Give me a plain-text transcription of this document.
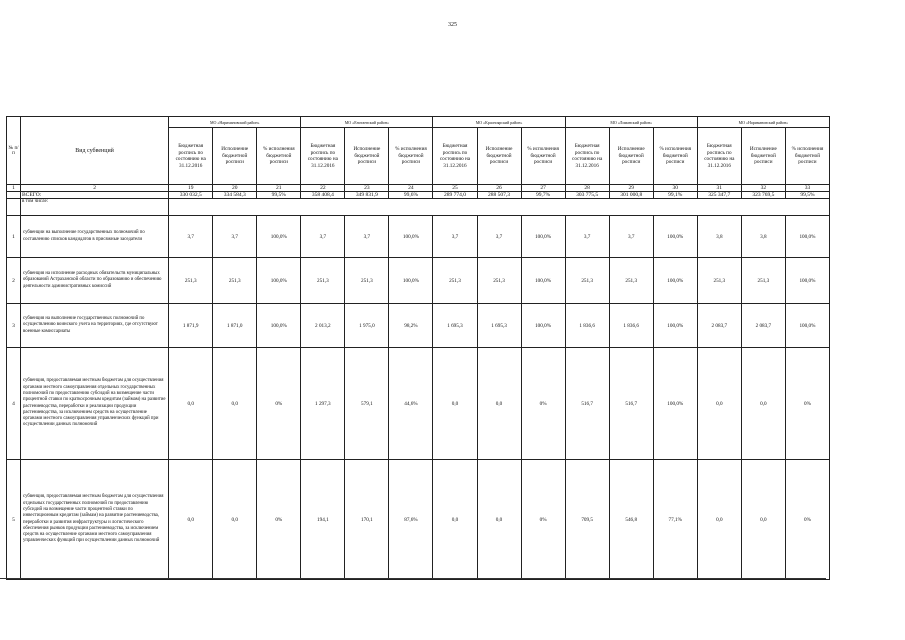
325
№ п/п	Вид субвенций	МО «Наримановский район»			МО «Енотаевский район»			МО «Красноярский район»			МО «Лиманский район»			МО «Наримановский район»		
		Бюджетная роспись по состоянию на 31.12.2016	Исполнение бюджетной росписи	% исполнения бюджетной росписи	Бюджетная роспись по состоянию на 31.12.2016	Исполнение бюджетной росписи	% исполнения бюджетной росписи	Бюджетная роспись по состоянию на 31.12.2016	Исполнение бюджетной росписи	% исполнения бюджетной росписи	Бюджетная роспись по состоянию на 31.12.2016	Исполнение бюджетной росписи	% исполнения бюджетной росписи	Бюджетная роспись по состоянию на 31.12.2016	Исполнение бюджетной росписи	% исполнения бюджетной росписи
1	2	19	20	21	22	23	24	25	26	27	28	29	30	31	32	33
	ВСЕГО:	330 032,5	334 584,3	99,5%	358 408,4	349 831,9	99,6%	289 774,0	288 507,3	99,7%	303 775,5	301 000,8	99,1%	325 347,7	323 769,5	99,5%
	в том числе:															
1	субвенции на выполнение государственных полномочий по составлению списков кандидатов в присяжные заседатели	3,7	3,7	100,0%	3,7	3,7	100,0%	3,7	3,7	100,0%	3,7	3,7	100,0%	3,8	3,8	100,0%
2	субвенция на исполнение расходных обязательств муниципальных образований Астраханской области по образованию и обеспечению деятельности административных комиссий	251,3	251,3	100,0%	251,3	251,3	100,0%	251,3	251,3	100,0%	251,3	251,3	100,0%	251,3	251,3	100,0%
3	субвенция на выполнение государственных полномочий по осуществлению воинского учета на территориях, где отсутствуют военные комиссариаты	1 871,9	1 871,0	100,0%	2 013,2	1 975,0	98,2%	1 695,3	1 695,3	100,0%	1 836,6	1 836,6	100,0%	2 083,7	2 083,7	100,0%
4	субвенция, предоставляемая местным бюджетам для осуществления органами местного самоуправления отдельных государственных полномочий по предоставлению субсидий на возмещение части процентной ставки по краткосрочным кредитам (займам) на развитие растениеводства, переработки и реализации продукции растениеводства, за исключением средств на осуществление органами местного самоуправления управленческих функций при осуществлении данных полномочий	0,0	0,0	0%	1 297,3	579,1	44,6%	0,0	0,0	0%	516,7	516,7	100,0%	0,0	0,0	0%
5	субвенция, предоставляемая местным бюджетам для осуществления отдельных государственных полномочий по предоставлению субсидий на возмещение части процентной ставки по инвестиционным кредитам (займам) на развитие растениеводства, переработки и развития инфраструктуры и логистического обеспечения рынков продукции растениеводства, за исключением средств на осуществление органами местного самоуправления управленческих функций при осуществлении данных полномочий	0,0	0,0	0%	194,1	170,1	87,6%	0,0	0,0	0%	709,5	546,8	77,1%	0,0	0,0	0%
